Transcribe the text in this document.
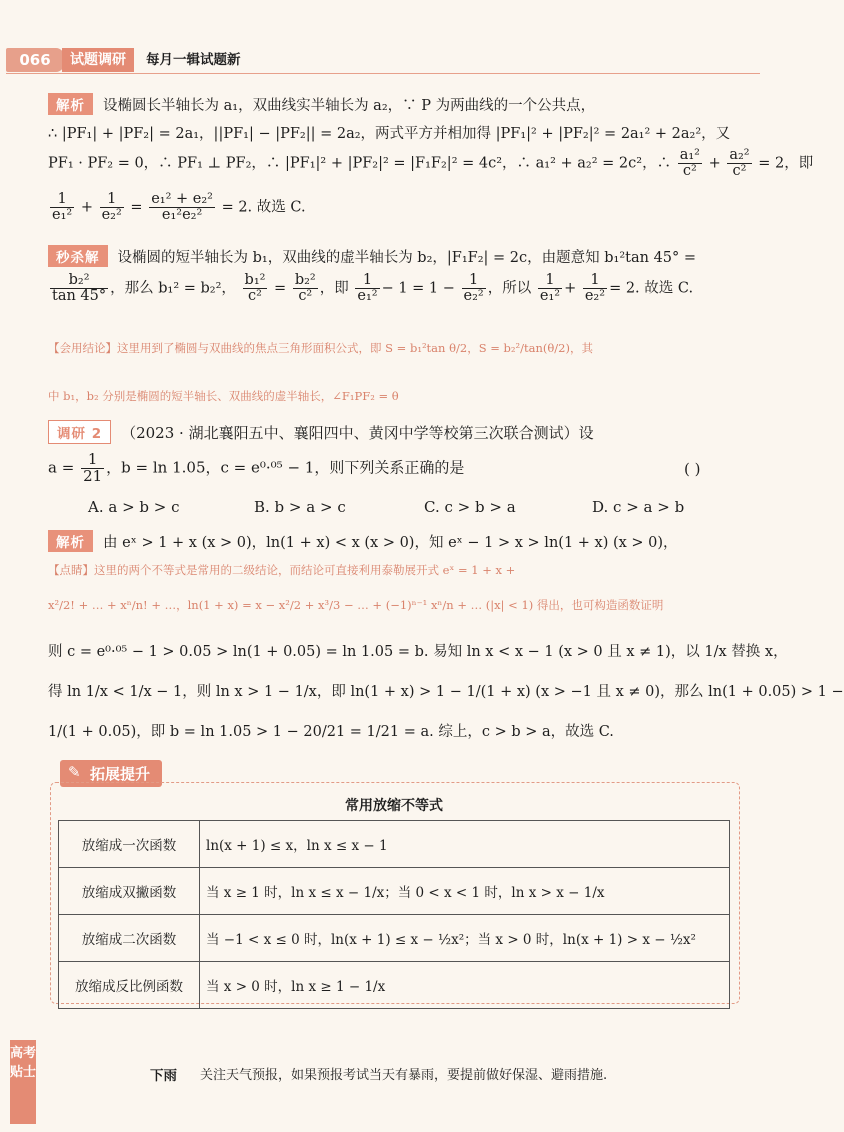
066	试题调研	每月一辑试题新
解析 设椭圆长半轴长为 a₁，双曲线实半轴长为 a₂，∵ P 为两曲线的一个公共点，
∴ |PF₁| + |PF₂| = 2a₁，||PF₁| − |PF₂|| = 2a₂，两式平方并相加得 |PF₁|² + |PF₂|² = 2a₁² + 2a₂²，又
PF₁ · PF₂ = 0，∴ PF₁ ⊥ PF₂，∴ |PF₁|² + |PF₂|² = |F₁F₂|² = 4c²，∴ a₁² + a₂² = 2c²，∴ $\frac{\text{a₁²}}{\text{c²}} + \frac{\text{a₂²}}{\text{c²}} = 2$，即
$\frac{1}{\text{e₁²}} + \frac{1}{\text{e₂²}} = \frac{\text{e₁² + e₂²}}{\text{e₁²e₂²}} = 2$. 故选 C.
秒杀解 设椭圆的短半轴长为 b₁，双曲线的虚半轴长为 b₂，|F₁F₂| = 2c，由题意知 b₁²tan 45° =
$\frac{\text{b₂²}}{\tan 45^\circ}$ ，那么 b₁² = b₂²， $\frac{\text{b₁²}}{\text{c²}} = \frac{\text{b₂²}}{\text{c²}}$ ，即 $\frac{1}{\text{e₁²}} - 1 = 1 - \frac{1}{\text{e₂²}}$ ，所以 $\frac{1}{\text{e₁²}} + \frac{1}{\text{e₂²}} = 2$. 故选 C.
【会用结论】这里用到了椭圆与双曲线的焦点三角形面积公式，即 S = b₁²tan θ/2，S = b₂²/tan(θ/2)，其
中 b₁，b₂ 分别是椭圆的短半轴长、双曲线的虚半轴长，∠F₁PF₂ = θ
调研 2 （2023 · 湖北襄阳五中、襄阳四中、黄冈中学等校第三次联合测试）设
$a = \frac{1}{21}$ ，b = ln 1.05，c = e⁰·⁰⁵ − 1，则下列关系正确的是	( )
A. a > b > c	B. b > a > c	C. c > b > a	D. c > a > b
解析 由 eˣ > 1 + x (x > 0)，ln(1 + x) < x (x > 0)，知 eˣ − 1 > x > ln(1 + x) (x > 0)，
【点睛】这里的两个不等式是常用的二级结论，而结论可直接利用泰勒展开式 eˣ = 1 + x +
x²/2! + … + xⁿ/n! + …，ln(1 + x) = x − x²/2 + x³/3 − … + (−1)ⁿ⁻¹ xⁿ/n + … (|x| < 1) 得出，也可构造函数证明
则 c = e⁰·⁰⁵ − 1 > 0.05 > ln(1 + 0.05) = ln 1.05 = b. 易知 ln x < x − 1 (x > 0 且 x ≠ 1)，以 1/x 替换 x，
得 ln 1/x < 1/x − 1，则 ln x > 1 − 1/x，即 ln(1 + x) > 1 − 1/(1 + x) (x > −1 且 x ≠ 0)，那么 ln(1 + 0.05) > 1 −
1/(1 + 0.05)，即 b = ln 1.05 > 1 − 20/21 = 1/21 = a. 综上，c > b > a，故选 C.
✎ 拓展提升
常用放缩不等式
放缩成一次函数	ln(x + 1) ≤ x，ln x ≤ x − 1
放缩成双撇函数	当 x ≥ 1 时，ln x ≤ x − 1/x；当 0 < x < 1 时，ln x > x − 1/x
放缩成二次函数	当 −1 < x ≤ 0 时，ln(x + 1) ≤ x − ½x²；当 x > 0 时，ln(x + 1) > x − ½x²
放缩成反比例函数	当 x > 0 时，ln x ≥ 1 − 1/x
高考贴士	下雨 关注天气预报，如果预报考试当天有暴雨，要提前做好保湿、避雨措施.
